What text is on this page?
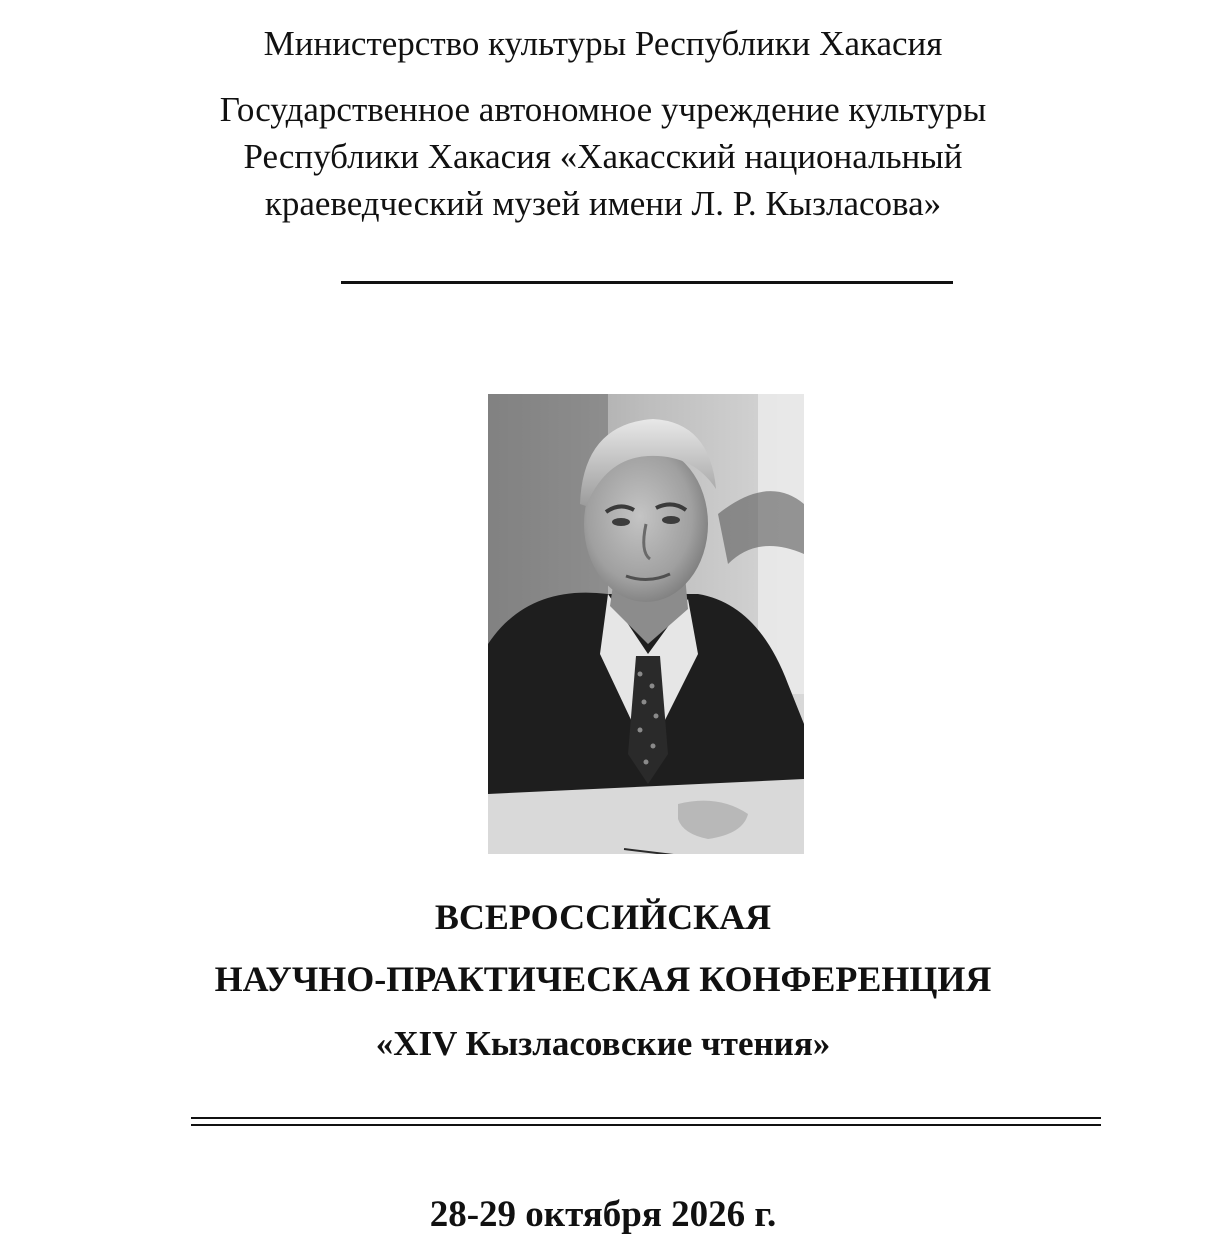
Министерство культуры Республики Хакасия
Государственное автономное учреждение культуры
Республики Хакасия «Хакасский национальный
краеведческий музей имени Л. Р. Кызласова»
ВСЕРОССИЙСКАЯ
НАУЧНО-ПРАКТИЧЕСКАЯ КОНФЕРЕНЦИЯ
«XIV Кызласовские чтения»
28-29 октября 2026 г.
